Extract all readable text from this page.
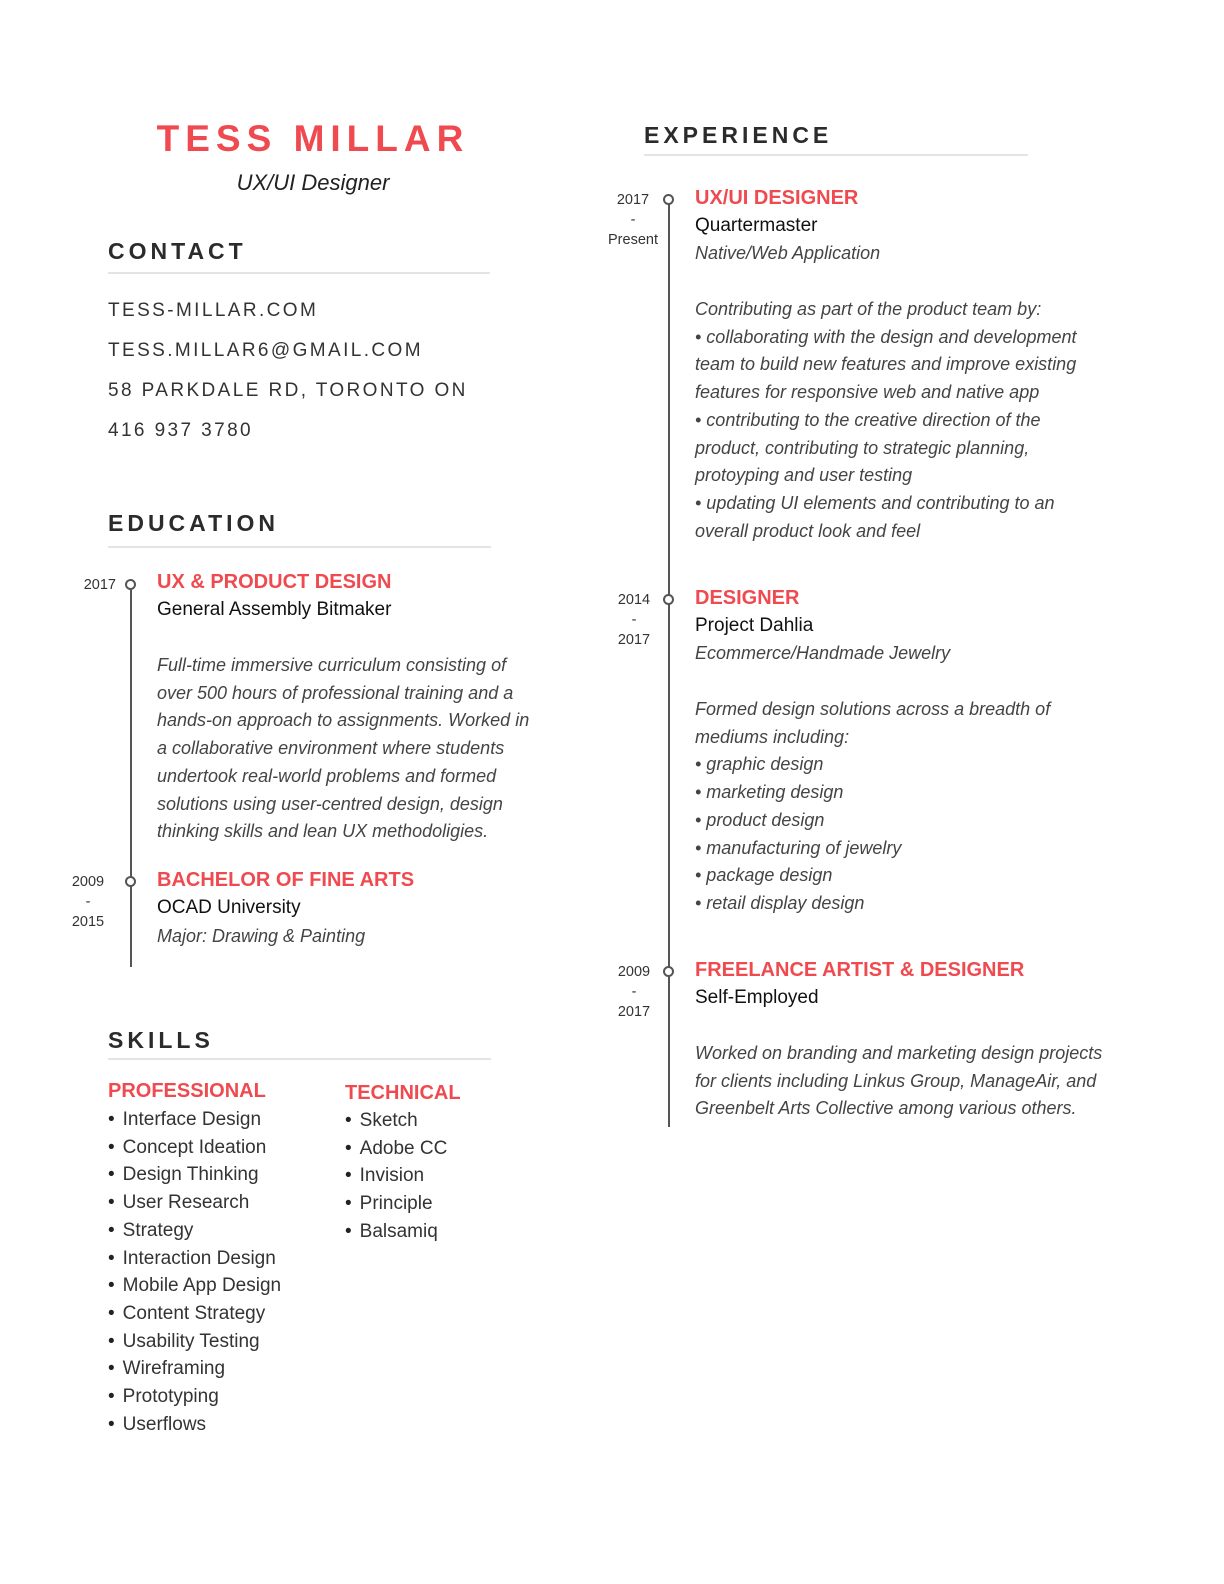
TESS MILLAR
UX/UI Designer
CONTACT
TESS-MILLAR.COM
TESS.MILLAR6@GMAIL.COM
58 PARKDALE RD, TORONTO ON
416 937 3780
EDUCATION
2017 UX & PRODUCT DESIGN
General Assembly Bitmaker
Full-time immersive curriculum consisting of
over 500 hours of professional training and a
hands-on approach to assignments. Worked in
a collaborative environment where students
undertook real-world problems and formed
solutions using user-centred design, design
thinking skills and lean UX methodoligies.
2009
-
2015
BACHELOR OF FINE ARTS
OCAD University
Major: Drawing & Painting
SKILLS
PROFESSIONAL
• Interface Design
• Concept Ideation
• Design Thinking
• User Research
• Strategy
• Interaction Design
• Mobile App Design
• Content Strategy
• Usability Testing
• Wireframing
• Prototyping
• Userflows
TECHNICAL
• Sketch
• Adobe CC
• Invision
• Principle
• Balsamiq
EXPERIENCE
2017
-
Present
UX/UI DESIGNER
Quartermaster
Native/Web Application
Contributing as part of the product team by:
• collaborating with the design and development
team to build new features and improve existing
features for responsive web and native app
• contributing to the creative direction of the
product, contributing to strategic planning,
protoyping and user testing
• updating UI elements and contributing to an
overall product look and feel
2014
-
2017
DESIGNER
Project Dahlia
Ecommerce/Handmade Jewelry
Formed design solutions across a breadth of
mediums including:
• graphic design
• marketing design
• product design
• manufacturing of jewelry
• package design
• retail display design
2009
-
2017
FREELANCE ARTIST & DESIGNER
Self-Employed
Worked on branding and marketing design projects
for clients including Linkus Group, ManageAir, and
Greenbelt Arts Collective among various others.
